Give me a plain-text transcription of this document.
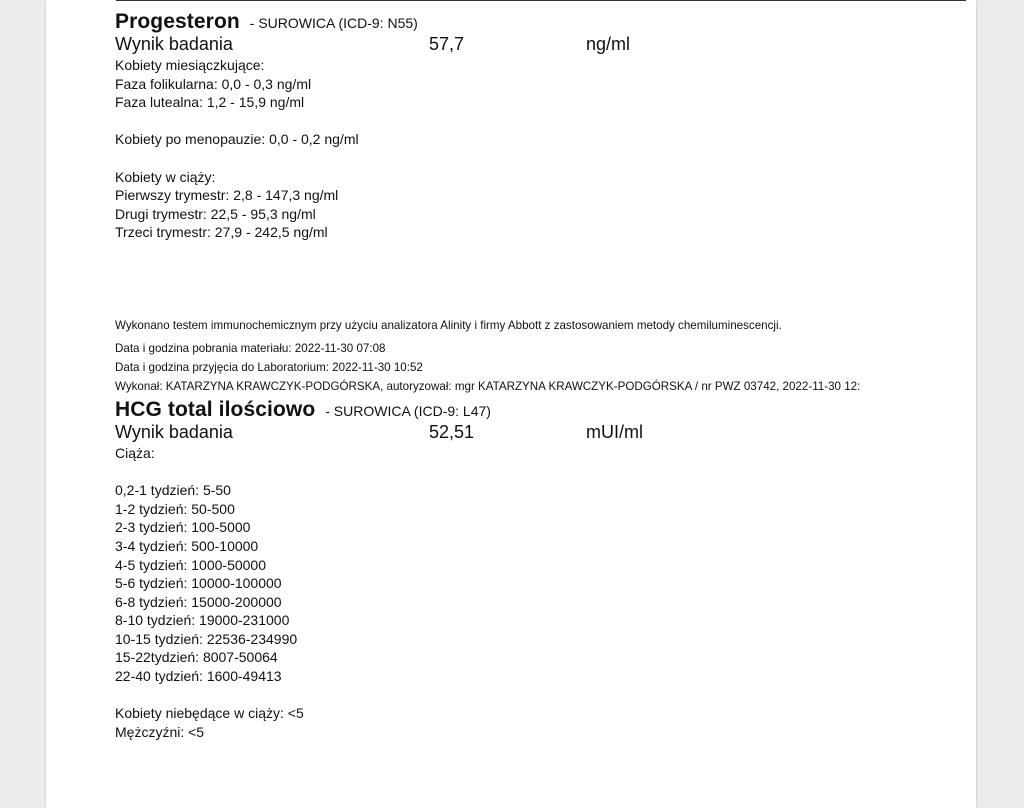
Progesteron - SUROWICA (ICD-9: N55)
Wynik badania	57,7	ng/ml
Kobiety miesiączkujące:
Faza folikularna: 0,0 - 0,3 ng/ml
Faza lutealna: 1,2 - 15,9 ng/ml
Kobiety po menopauzie: 0,0 - 0,2 ng/ml
Kobiety w ciąży:
Pierwszy trymestr: 2,8 - 147,3 ng/ml
Drugi trymestr: 22,5 - 95,3 ng/ml
Trzeci trymestr: 27,9 - 242,5 ng/ml
Wykonano testem immunochemicznym przy użyciu analizatora Alinity i firmy Abbott z zastosowaniem metody chemiluminescencji.
Data i godzina pobrania materiału: 2022-11-30 07:08
Data i godzina przyjęcia do Laboratorium: 2022-11-30 10:52
Wykonał: KATARZYNA KRAWCZYK-PODGÓRSKA, autoryzował: mgr KATARZYNA KRAWCZYK-PODGÓRSKA / nr PWZ 03742, 2022-11-30 12:
HCG total ilościowo - SUROWICA (ICD-9: L47)
Wynik badania	52,51	mUI/ml
Ciąża:
0,2-1 tydzień: 5-50
1-2 tydzień: 50-500
2-3 tydzień: 100-5000
3-4 tydzień: 500-10000
4-5 tydzień: 1000-50000
5-6 tydzień: 10000-100000
6-8 tydzień: 15000-200000
8-10 tydzień: 19000-231000
10-15 tydzień: 22536-234990
15-22tydzień: 8007-50064
22-40 tydzień: 1600-49413
Kobiety niebędące w ciąży: <5
Mężczyźni: <5
